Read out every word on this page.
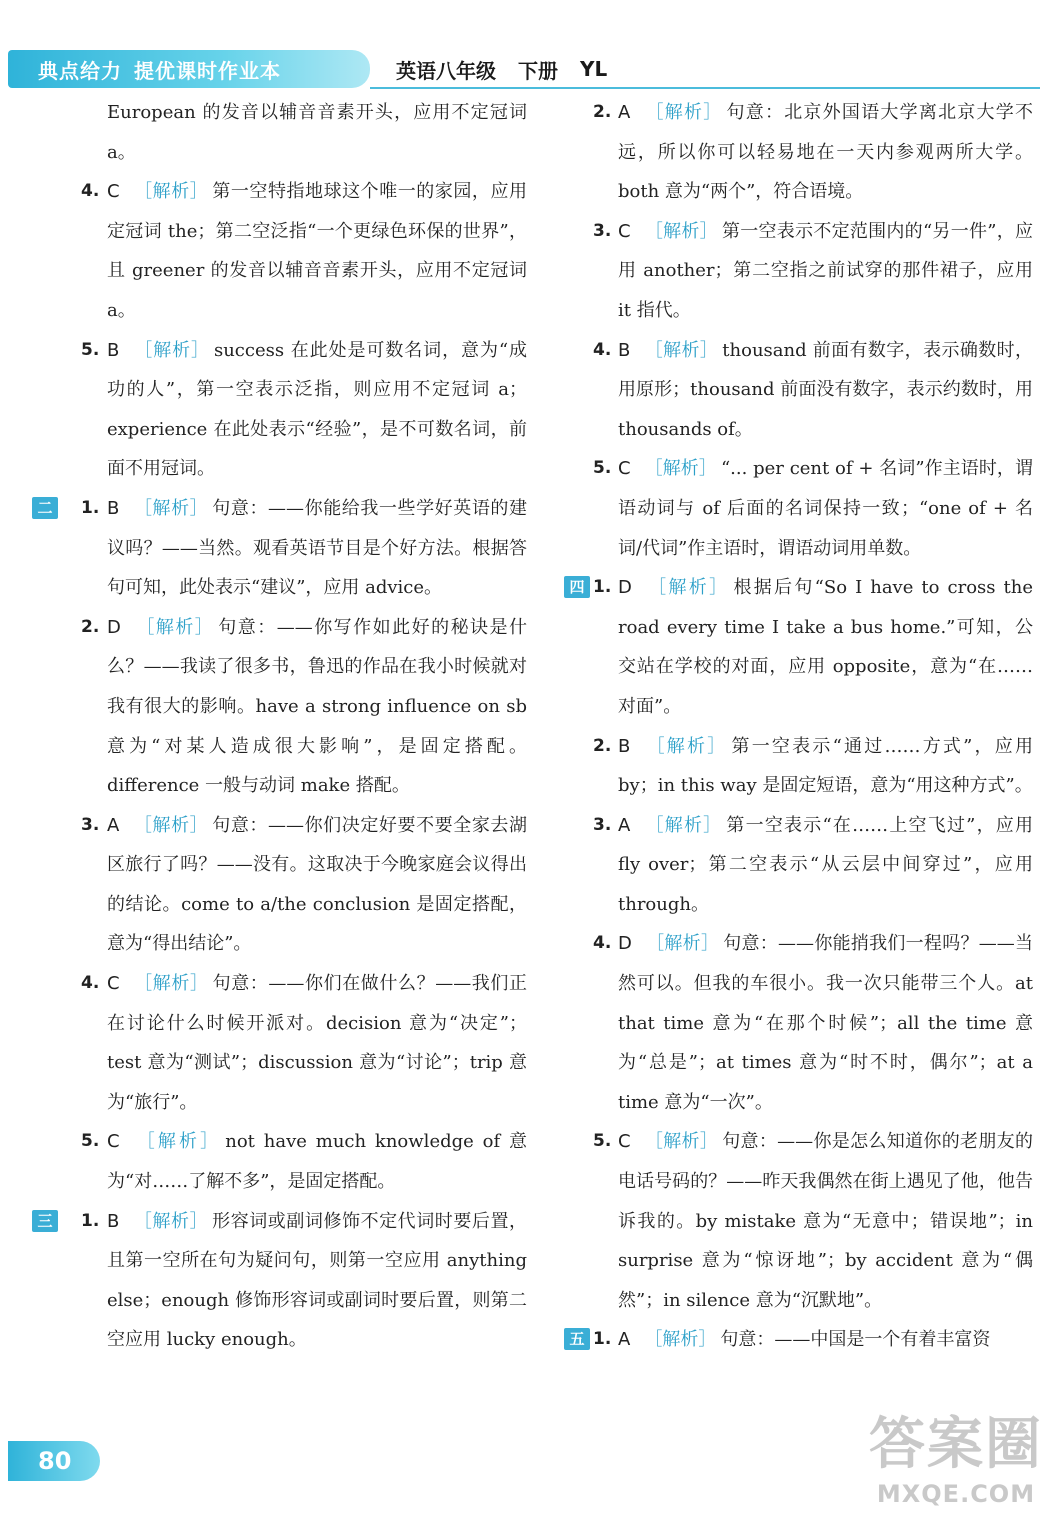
典点给力 提优课时作业本	英语八年级 下册 YL
European 的发音以辅音音素开头，应用不定冠词 a。
4. C ［解析］ 第一空特指地球这个唯一的家园，应用定冠词 the；第二空泛指“一个更绿色环保的世界”，且 greener 的发音以辅音音素开头，应用不定冠词 a。
5. B ［解析］ success 在此处是可数名词，意为“成功的人”，第一空表示泛指，则应用不定冠词 a；experience 在此处表示“经验”，是不可数名词，前面不用冠词。
二	1. B ［解析］ 句意：——你能给我一些学好英语的建议吗？——当然。观看英语节目是个好方法。根据答句可知，此处表示“建议”，应用 advice。
2. D ［解析］ 句意：——你写作如此好的秘诀是什么？——我读了很多书，鲁迅的作品在我小时候就对我有很大的影响。have a strong influence on sb 意为“对某人造成很大影响”，是固定搭配。difference 一般与动词 make 搭配。
3. A ［解析］ 句意：——你们决定好要不要全家去湖区旅行了吗？——没有。这取决于今晚家庭会议得出的结论。come to a/the conclusion 是固定搭配，意为“得出结论”。
4. C ［解析］ 句意：——你们在做什么？——我们正在讨论什么时候开派对。decision 意为“决定”；test 意为“测试”；discussion 意为“讨论”；trip 意为“旅行”。
5. C ［解析］ not have much knowledge of 意为“对……了解不多”，是固定搭配。
三	1. B ［解析］ 形容词或副词修饰不定代词时要后置，且第一空所在句为疑问句，则第一空应用 anything else；enough 修饰形容词或副词时要后置，则第二空应用 lucky enough。
2. A ［解析］ 句意：北京外国语大学离北京大学不远，所以你可以轻易地在一天内参观两所大学。both 意为“两个”，符合语境。
3. C ［解析］ 第一空表示不定范围内的“另一件”，应用 another；第二空指之前试穿的那件裙子，应用 it 指代。
4. B ［解析］ thousand 前面有数字，表示确数时，用原形；thousand 前面没有数字，表示约数时，用 thousands of。
5. C ［解析］ “... per cent of + 名词”作主语时，谓语动词与 of 后面的名词保持一致；“one of + 名词/代词”作主语时，谓语动词用单数。
四 1. D ［解析］ 根据后句“So I have to cross the road every time I take a bus home.”可知，公交站在学校的对面，应用 opposite，意为“在……对面”。
2. B ［解析］ 第一空表示“通过……方式”，应用 by；in this way 是固定短语，意为“用这种方式”。
3. A ［解析］ 第一空表示“在……上空飞过”，应用 fly over；第二空表示“从云层中间穿过”，应用 through。
4. D ［解析］ 句意：——你能捎我们一程吗？——当然可以。但我的车很小。我一次只能带三个人。at that time 意为“在那个时候”；all the time 意为“总是”；at times 意为“时不时，偶尔”；at a time 意为“一次”。
5. C ［解析］ 句意：——你是怎么知道你的老朋友的电话号码的？——昨天我偶然在街上遇见了他，他告诉我的。by mistake 意为“无意中；错误地”；in surprise 意为“惊讶地”；by accident 意为“偶然”；in silence 意为“沉默地”。
五 1. A ［解析］ 句意：——中国是一个有着丰富资
80	答案圈
MXQE.COM
